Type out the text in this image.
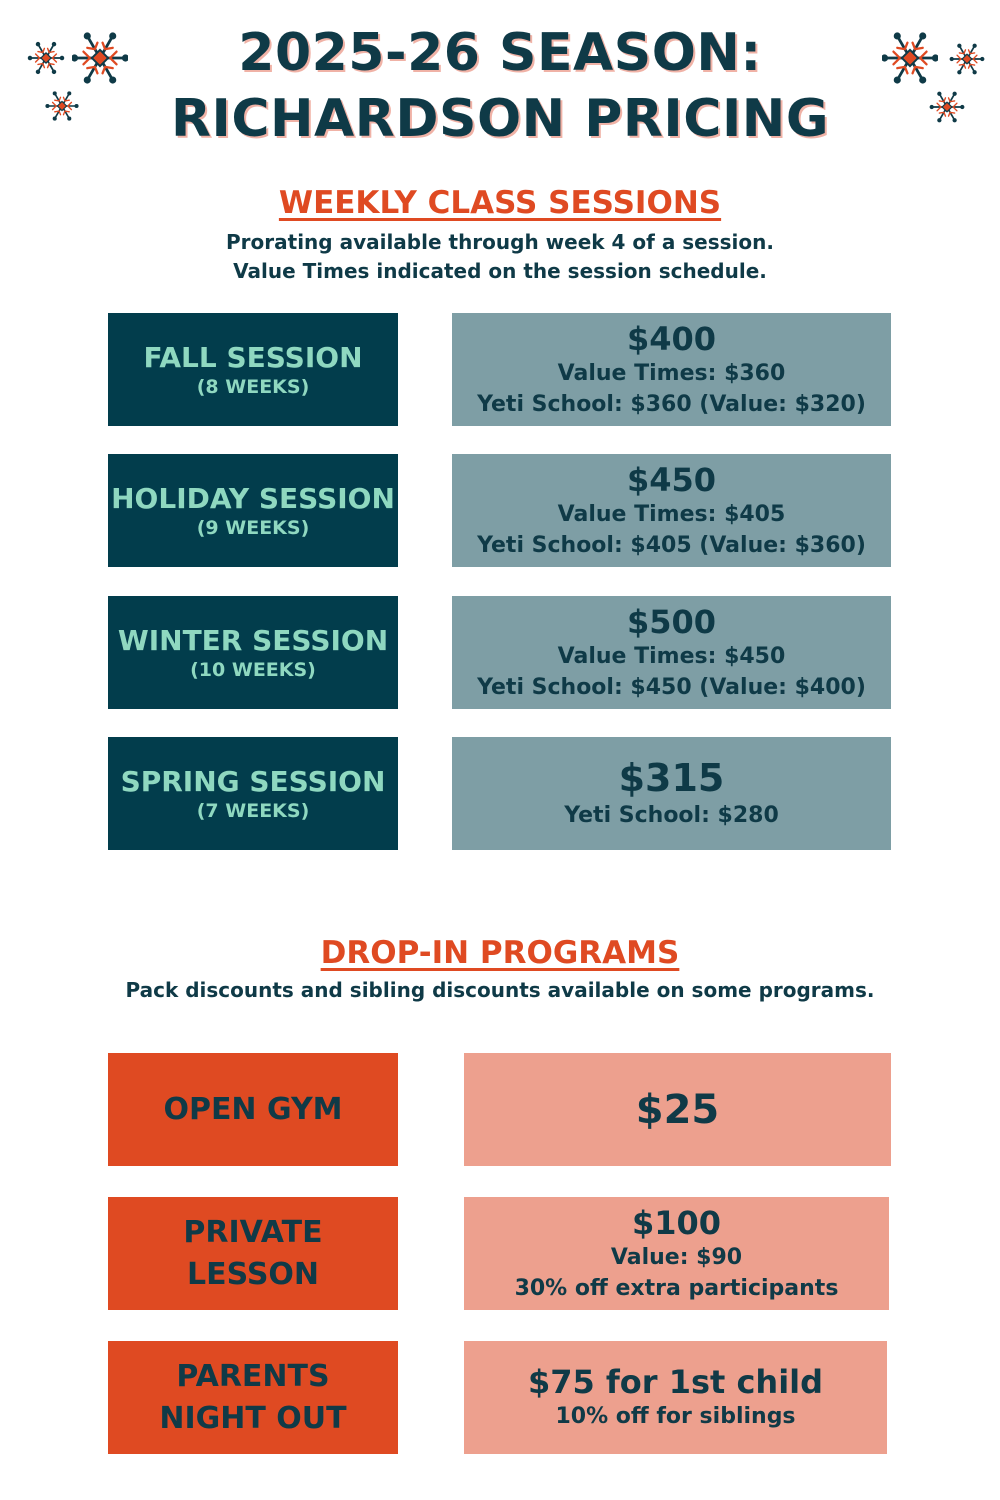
2025-26 SEASON:
RICHARDSON PRICING
WEEKLY CLASS SESSIONS
Prorating available through week 4 of a session.
Value Times indicated on the session schedule.
FALL SESSION
(8 WEEKS)
$400
Value Times: $360
Yeti School: $360 (Value: $320)
HOLIDAY SESSION
(9 WEEKS)
$450
Value Times: $405
Yeti School: $405 (Value: $360)
WINTER SESSION
(10 WEEKS)
$500
Value Times: $450
Yeti School: $450 (Value: $400)
SPRING SESSION
(7 WEEKS)
$315
Yeti School: $280
DROP-IN PROGRAMS
Pack discounts and sibling discounts available on some programs.
OPEN GYM	$25
PRIVATE
LESSON
$100
Value: $90
30% off extra participants
PARENTS
NIGHT OUT
$75 for 1st child
10% off for siblings
